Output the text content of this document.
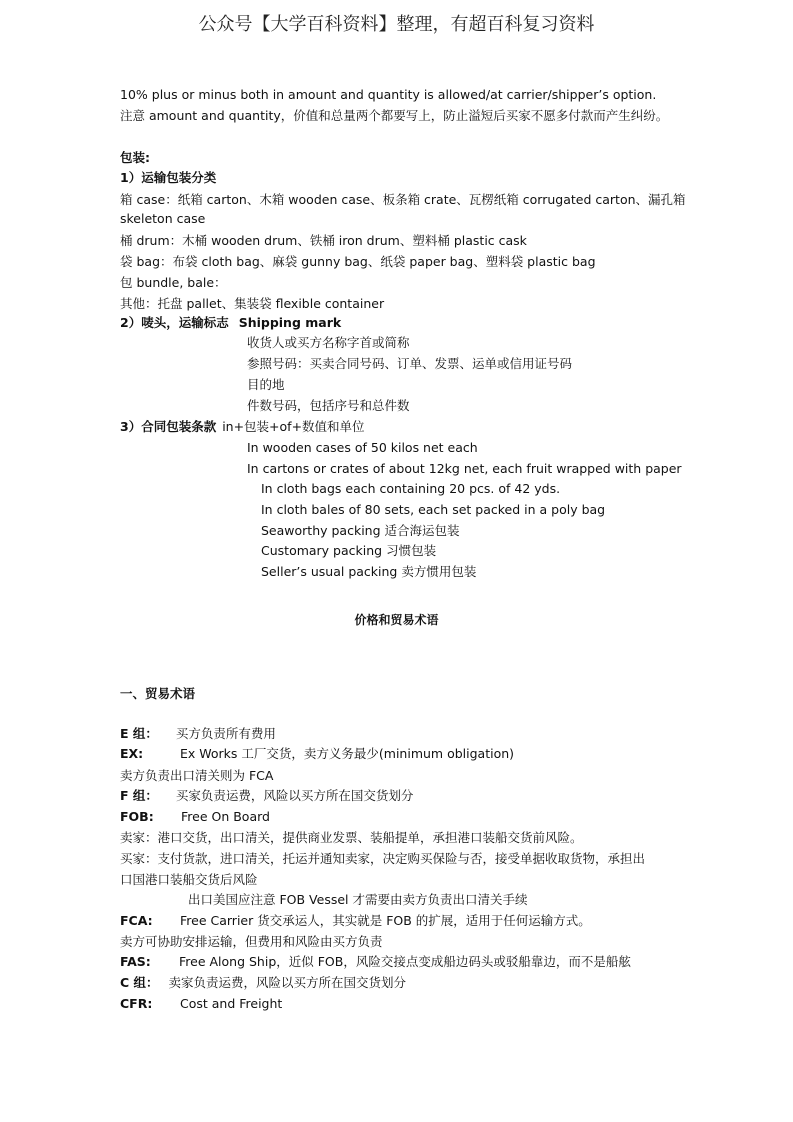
公众号【大学百科资料】整理，有超百科复习资料
10% plus or minus both in amount and quantity is allowed/at carrier/shipper’s option.
注意 amount and quantity，价值和总量两个都要写上，防止溢短后买家不愿多付款而产生纠纷。
包装:
1）运输包装分类
箱 case：纸箱 carton、木箱 wooden case、板条箱 crate、瓦楞纸箱 corrugated carton、漏孔箱
skeleton case
桶 drum：木桶 wooden drum、铁桶 iron drum、塑料桶 plastic cask
袋 bag：布袋 cloth bag、麻袋 gunny bag、纸袋 paper bag、塑料袋 plastic bag
包 bundle, bale：
其他：托盘 pallet、集装袋 flexible container
2）唛头，运输标志 Shipping mark
收货人或买方名称字首或简称
参照号码：买卖合同号码、订单、发票、运单或信用证号码
目的地
件数号码，包括序号和总件数
3）合同包装条款 in+包装+of+数值和单位
In wooden cases of 50 kilos net each
In cartons or crates of about 12kg net, each fruit wrapped with paper
In cloth bags each containing 20 pcs. of 42 yds.
In cloth bales of 80 sets, each set packed in a poly bag
Seaworthy packing 适合海运包装
Customary packing 习惯包装
Seller’s usual packing 卖方惯用包装
价格和贸易术语
一、贸易术语
E 组： 买方负责所有费用
EX:	Ex Works 工厂交货，卖方义务最少(minimum obligation)
卖方负责出口清关则为 FCA
F 组： 买家负责运费，风险以买方所在国交货划分
FOB: Free On Board
卖家：港口交货，出口清关，提供商业发票、装船提单，承担港口装船交货前风险。
买家：支付货款，进口清关，托运并通知卖家，决定购买保险与否，接受单据收取货物，承担出
口国港口装船交货后风险
出口美国应注意 FOB Vessel 才需要由卖方负责出口清关手续
FCA: Free Carrier 货交承运人，其实就是 FOB 的扩展，适用于任何运输方式。
卖方可协助安排运输，但费用和风险由买方负责
FAS: Free Along Ship，近似 FOB，风险交接点变成船边码头或驳船靠边，而不是船舷
C 组： 卖家负责运费，风险以买方所在国交货划分
CFR: Cost and Freight
